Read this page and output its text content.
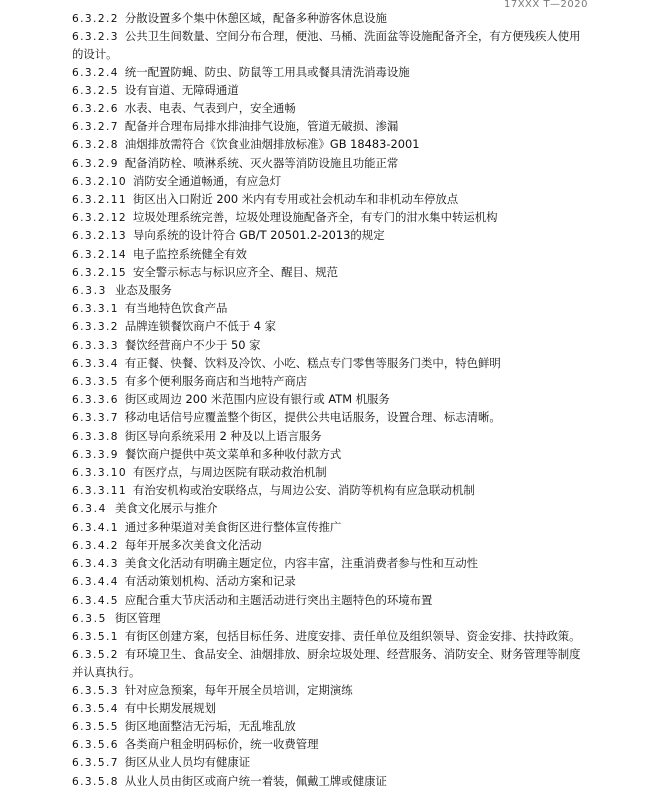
17XXX T—2020
6.3.2.2 分散设置多个集中休憩区域，配备多种游客休息设施
6.3.2.3 公共卫生间数量、空间分布合理，便池、马桶、洗面盆等设施配备齐全，有方便残疾人使用
的设计。
6.3.2.4 统一配置防蝇、防虫、防鼠等工用具或餐具清洗消毒设施
6.3.2.5 设有盲道、无障碍通道
6.3.2.6 水表、电表、气表到户，安全通畅
6.3.2.7 配备并合理布局排水排油排气设施，管道无破损、渗漏
6.3.2.8 油烟排放需符合《饮食业油烟排放标准》GB 18483-2001
6.3.2.9 配备消防栓、喷淋系统、灭火器等消防设施且功能正常
6.3.2.10 消防安全通道畅通，有应急灯
6.3.2.11 街区出入口附近 200 米内有专用或社会机动车和非机动车停放点
6.3.2.12 垃圾处理系统完善，垃圾处理设施配备齐全，有专门的泔水集中转运机构
6.3.2.13 导向系统的设计符合 GB/T 20501.2-2013的规定
6.3.2.14 电子监控系统健全有效
6.3.2.15 安全警示标志与标识应齐全、醒目、规范
6.3.3 业态及服务
6.3.3.1 有当地特色饮食产品
6.3.3.2 品牌连锁餐饮商户不低于 4 家
6.3.3.3 餐饮经营商户不少于 50 家
6.3.3.4 有正餐、快餐、饮料及冷饮、小吃、糕点专门零售等服务门类中，特色鲜明
6.3.3.5 有多个便利服务商店和当地特产商店
6.3.3.6 街区或周边 200 米范围内应设有银行或 ATM 机服务
6.3.3.7 移动电话信号应覆盖整个街区，提供公共电话服务，设置合理、标志清晰。
6.3.3.8 街区导向系统采用 2 种及以上语言服务
6.3.3.9 餐饮商户提供中英文菜单和多种收付款方式
6.3.3.10 有医疗点，与周边医院有联动救治机制
6.3.3.11 有治安机构或治安联络点，与周边公安、消防等机构有应急联动机制
6.3.4 美食文化展示与推介
6.3.4.1 通过多种渠道对美食街区进行整体宣传推广
6.3.4.2 每年开展多次美食文化活动
6.3.4.3 美食文化活动有明确主题定位，内容丰富，注重消费者参与性和互动性
6.3.4.4 有活动策划机构、活动方案和记录
6.3.4.5 应配合重大节庆活动和主题活动进行突出主题特色的环境布置
6.3.5 街区管理
6.3.5.1 有街区创建方案，包括目标任务、进度安排、责任单位及组织领导、资金安排、扶持政策。
6.3.5.2 有环境卫生、食品安全、油烟排放、厨余垃圾处理、经营服务、消防安全、财务管理等制度
并认真执行。
6.3.5.3 针对应急预案，每年开展全员培训，定期演练
6.3.5.4 有中长期发展规划
6.3.5.5 街区地面整洁无污垢，无乱堆乱放
6.3.5.6 各类商户租金明码标价，统一收费管理
6.3.5.7 街区从业人员均有健康证
6.3.5.8 从业人员由街区或商户统一着装，佩戴工牌或健康证
